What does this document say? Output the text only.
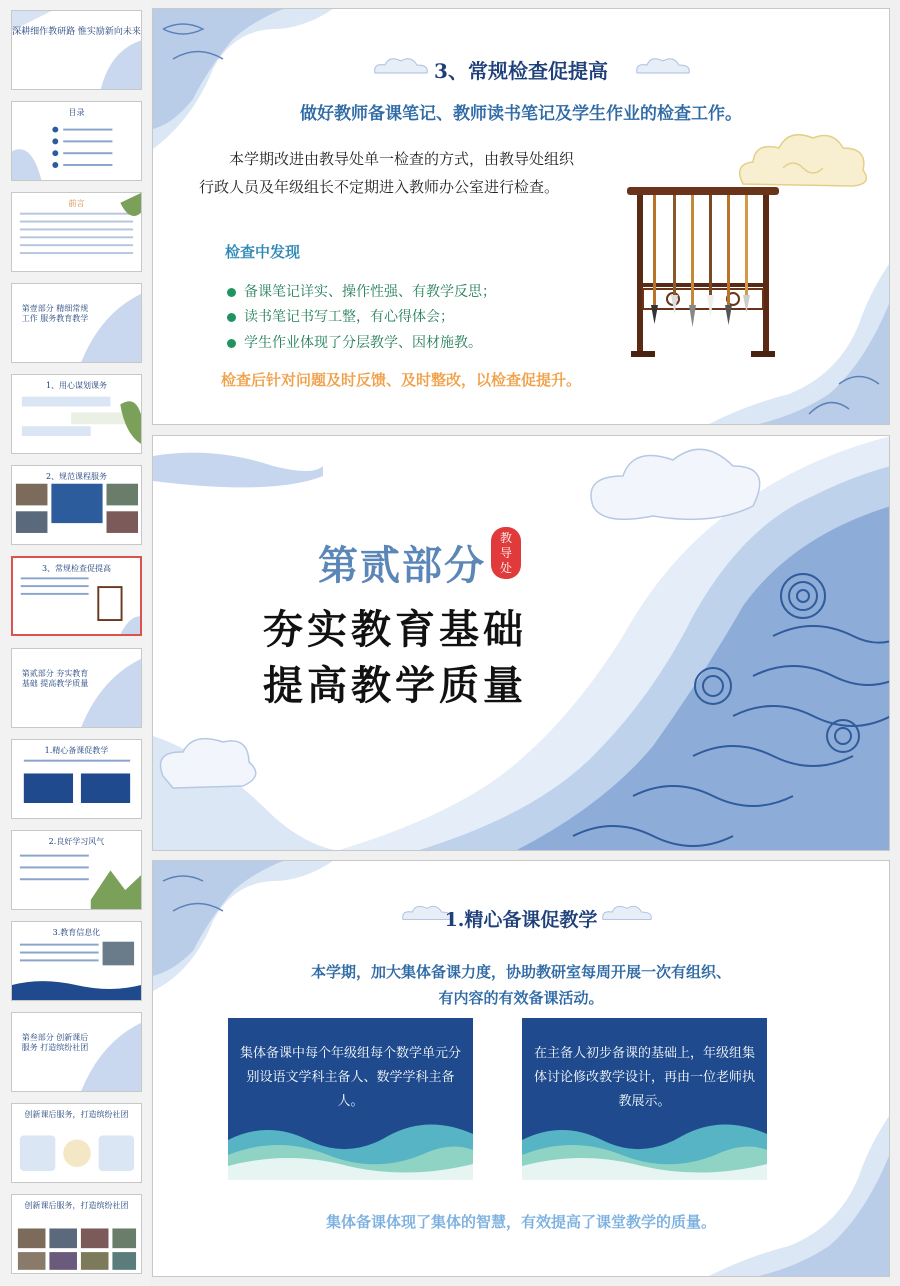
深耕细作教研路 惟实励新向未来
目录
前言
第壹部分 精细常规工作 服务教育教学
1、用心谋划课务
2、规范课程服务
3、常规检查促提高
第贰部分 夯实教育基础 提高教学质量
1.精心备课促教学
2.良好学习风气
3.教育信息化
第叁部分 创新课后服务 打造缤纷社团
创新课后服务，打造缤纷社团
创新课后服务，打造缤纷社团
3、常规检查促提高
做好教师备课笔记、教师读书笔记及学生作业的检查工作。
本学期改进由教导处单一检查的方式，由教导处组织行政人员及年级组长不定期进入教师办公室进行检查。
检查中发现
备课笔记详实、操作性强、有教学反思；
读书笔记书写工整，有心得体会；
学生作业体现了分层教学、因材施教。
检查后针对问题及时反馈、及时整改，以检查促提升。
第贰部分
教导处
夯实教育基础
提高教学质量
1.精心备课促教学
本学期，加大集体备课力度，协助教研室每周开展一次有组织、
有内容的有效备课活动。
集体备课中每个年级组每个数学单元分别设语文学科主备人、数学学科主备人。
在主备人初步备课的基础上，年级组集体讨论修改教学设计，再由一位老师执教展示。
集体备课体现了集体的智慧，有效提高了课堂教学的质量。
